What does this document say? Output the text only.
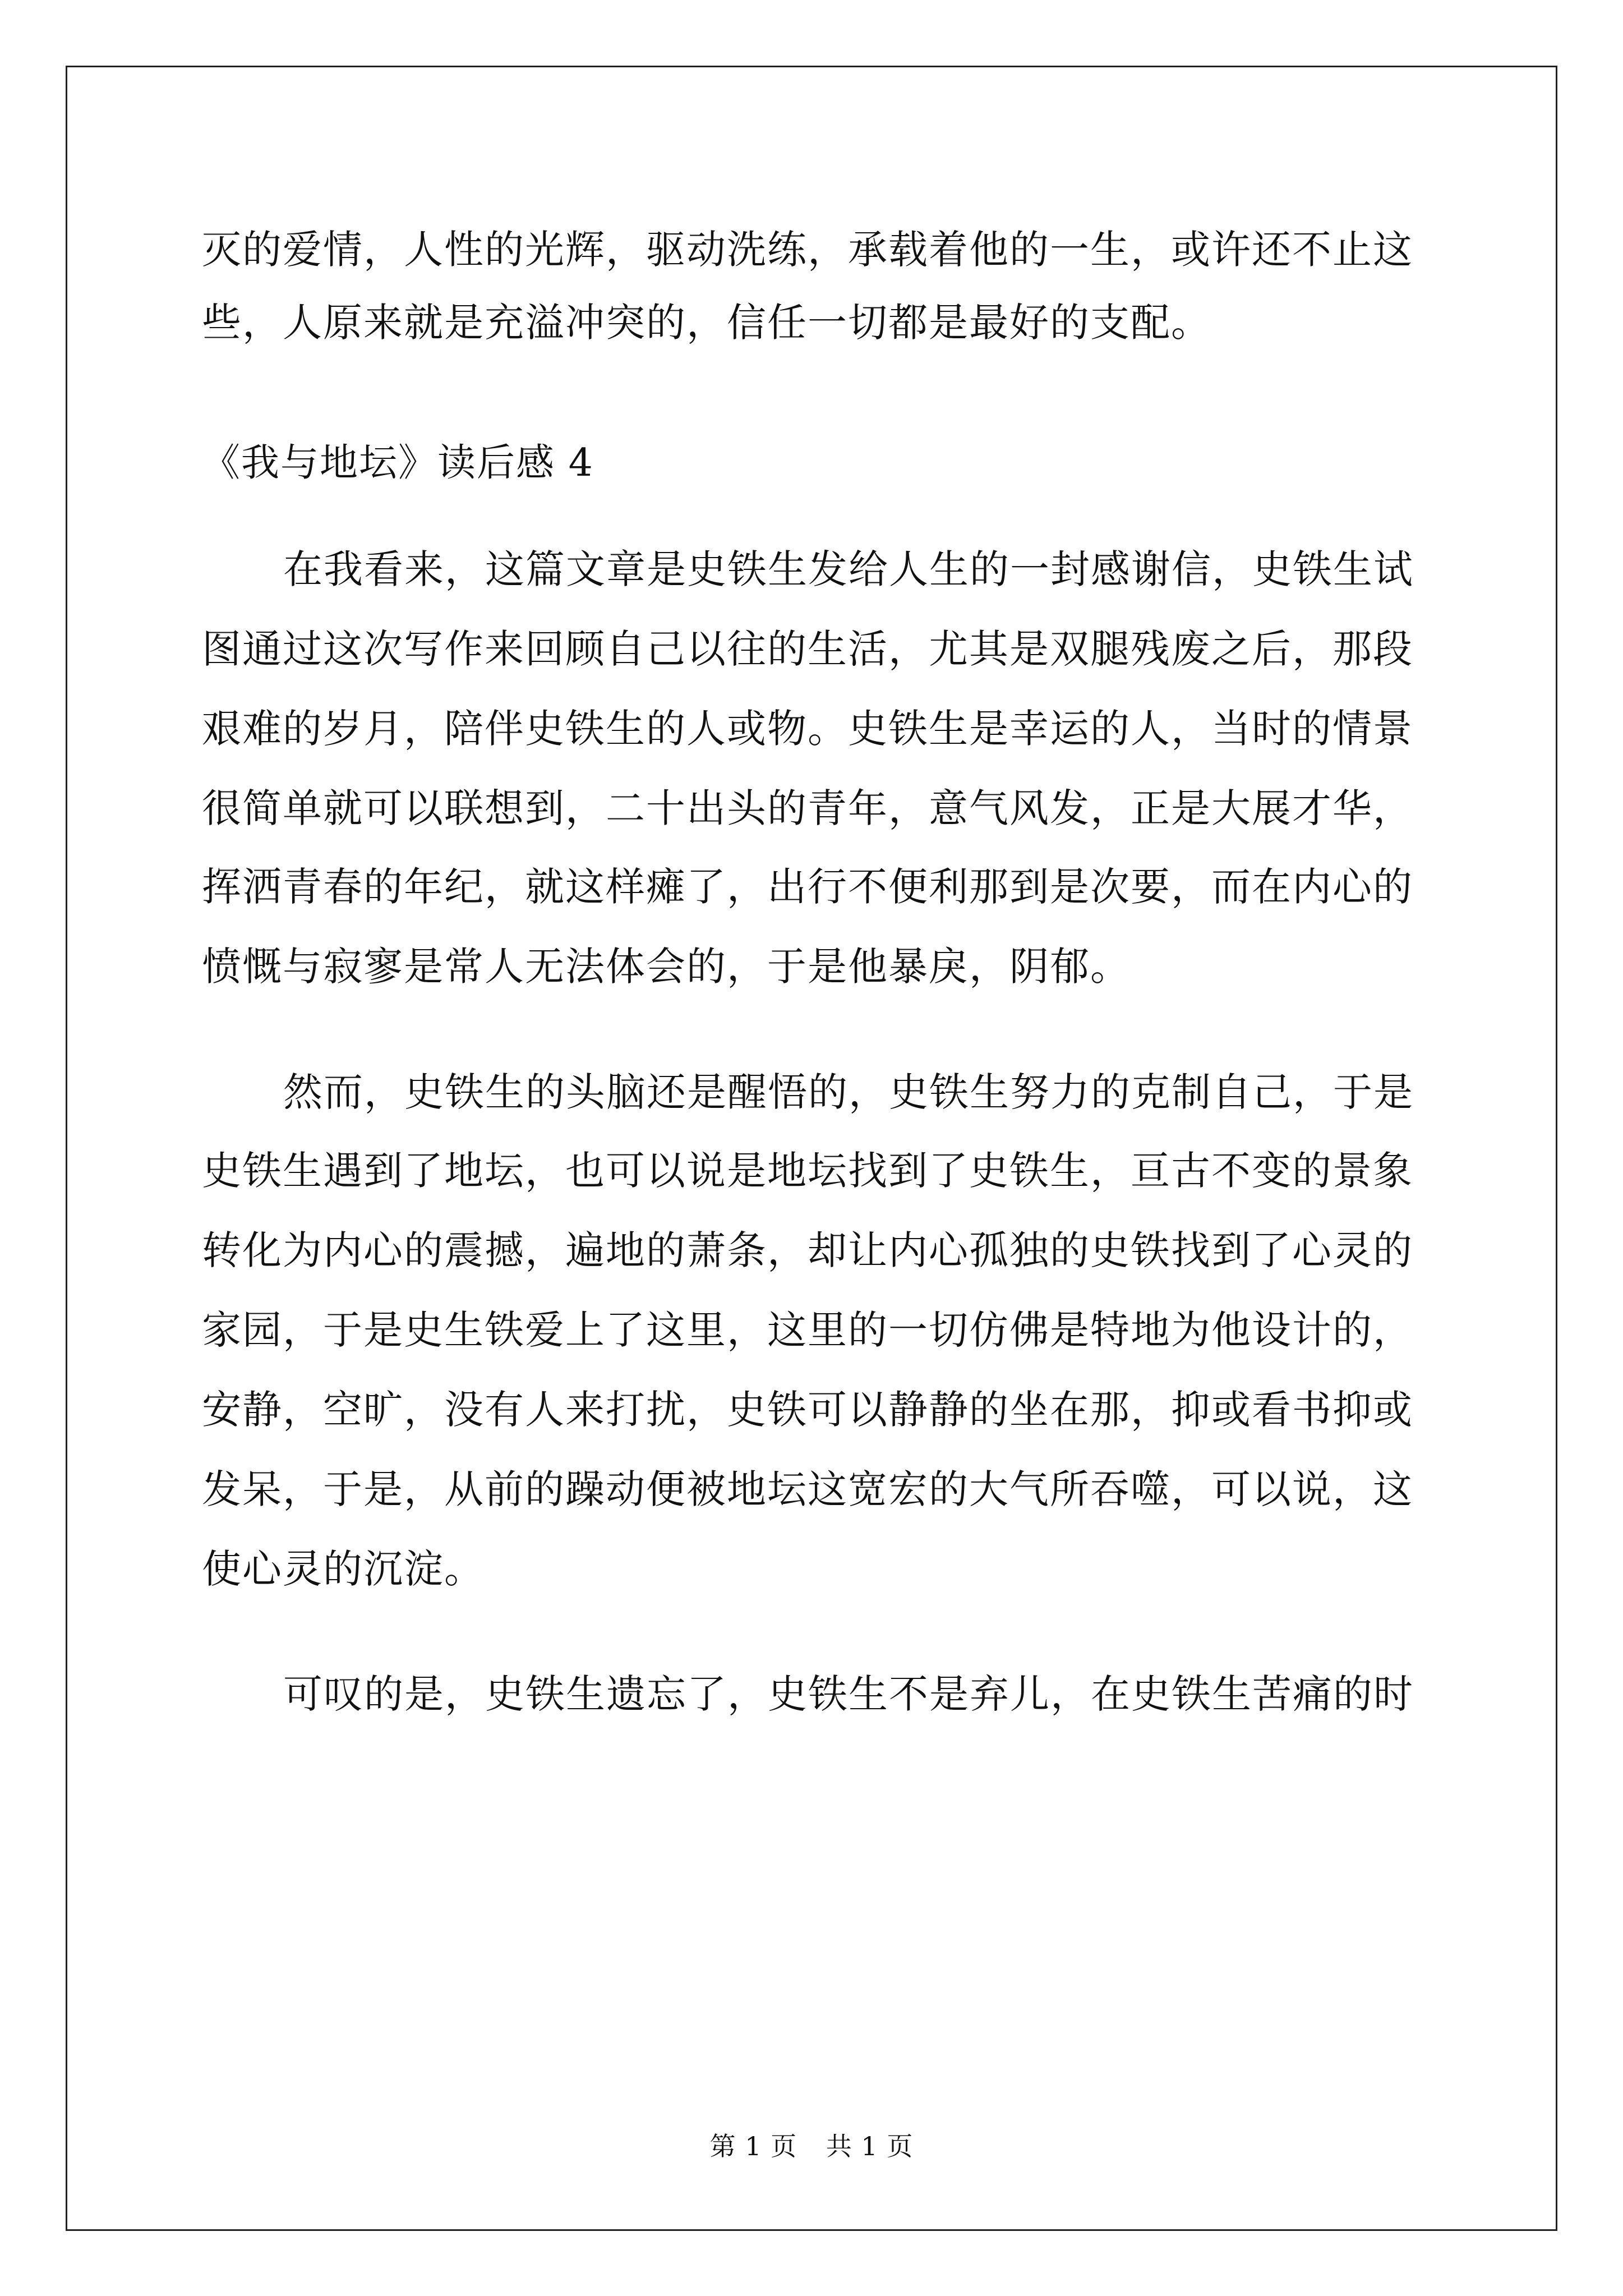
灭的爱情，人性的光辉，驱动洗练，承载着他的一生，或许还不止这
些，人原来就是充溢冲突的，信任一切都是最好的支配。
《我与地坛》读后感 4
在我看来，这篇文章是史铁生发给人生的一封感谢信，史铁生试
图通过这次写作来回顾自己以往的生活，尤其是双腿残废之后，那段
艰难的岁月，陪伴史铁生的人或物。史铁生是幸运的人，当时的情景
很简单就可以联想到，二十出头的青年，意气风发，正是大展才华，
挥洒青春的年纪，就这样瘫了，出行不便利那到是次要，而在内心的
愤慨与寂寥是常人无法体会的，于是他暴戾，阴郁。
然而，史铁生的头脑还是醒悟的，史铁生努力的克制自己，于是
史铁生遇到了地坛，也可以说是地坛找到了史铁生，亘古不变的景象
转化为内心的震撼，遍地的萧条，却让内心孤独的史铁找到了心灵的
家园，于是史生铁爱上了这里，这里的一切仿佛是特地为他设计的，
安静，空旷，没有人来打扰，史铁可以静静的坐在那，抑或看书抑或
发呆，于是，从前的躁动便被地坛这宽宏的大气所吞噬，可以说，这
使心灵的沉淀。
可叹的是，史铁生遗忘了，史铁生不是弃儿，在史铁生苦痛的时
第 1 页 共 1 页
